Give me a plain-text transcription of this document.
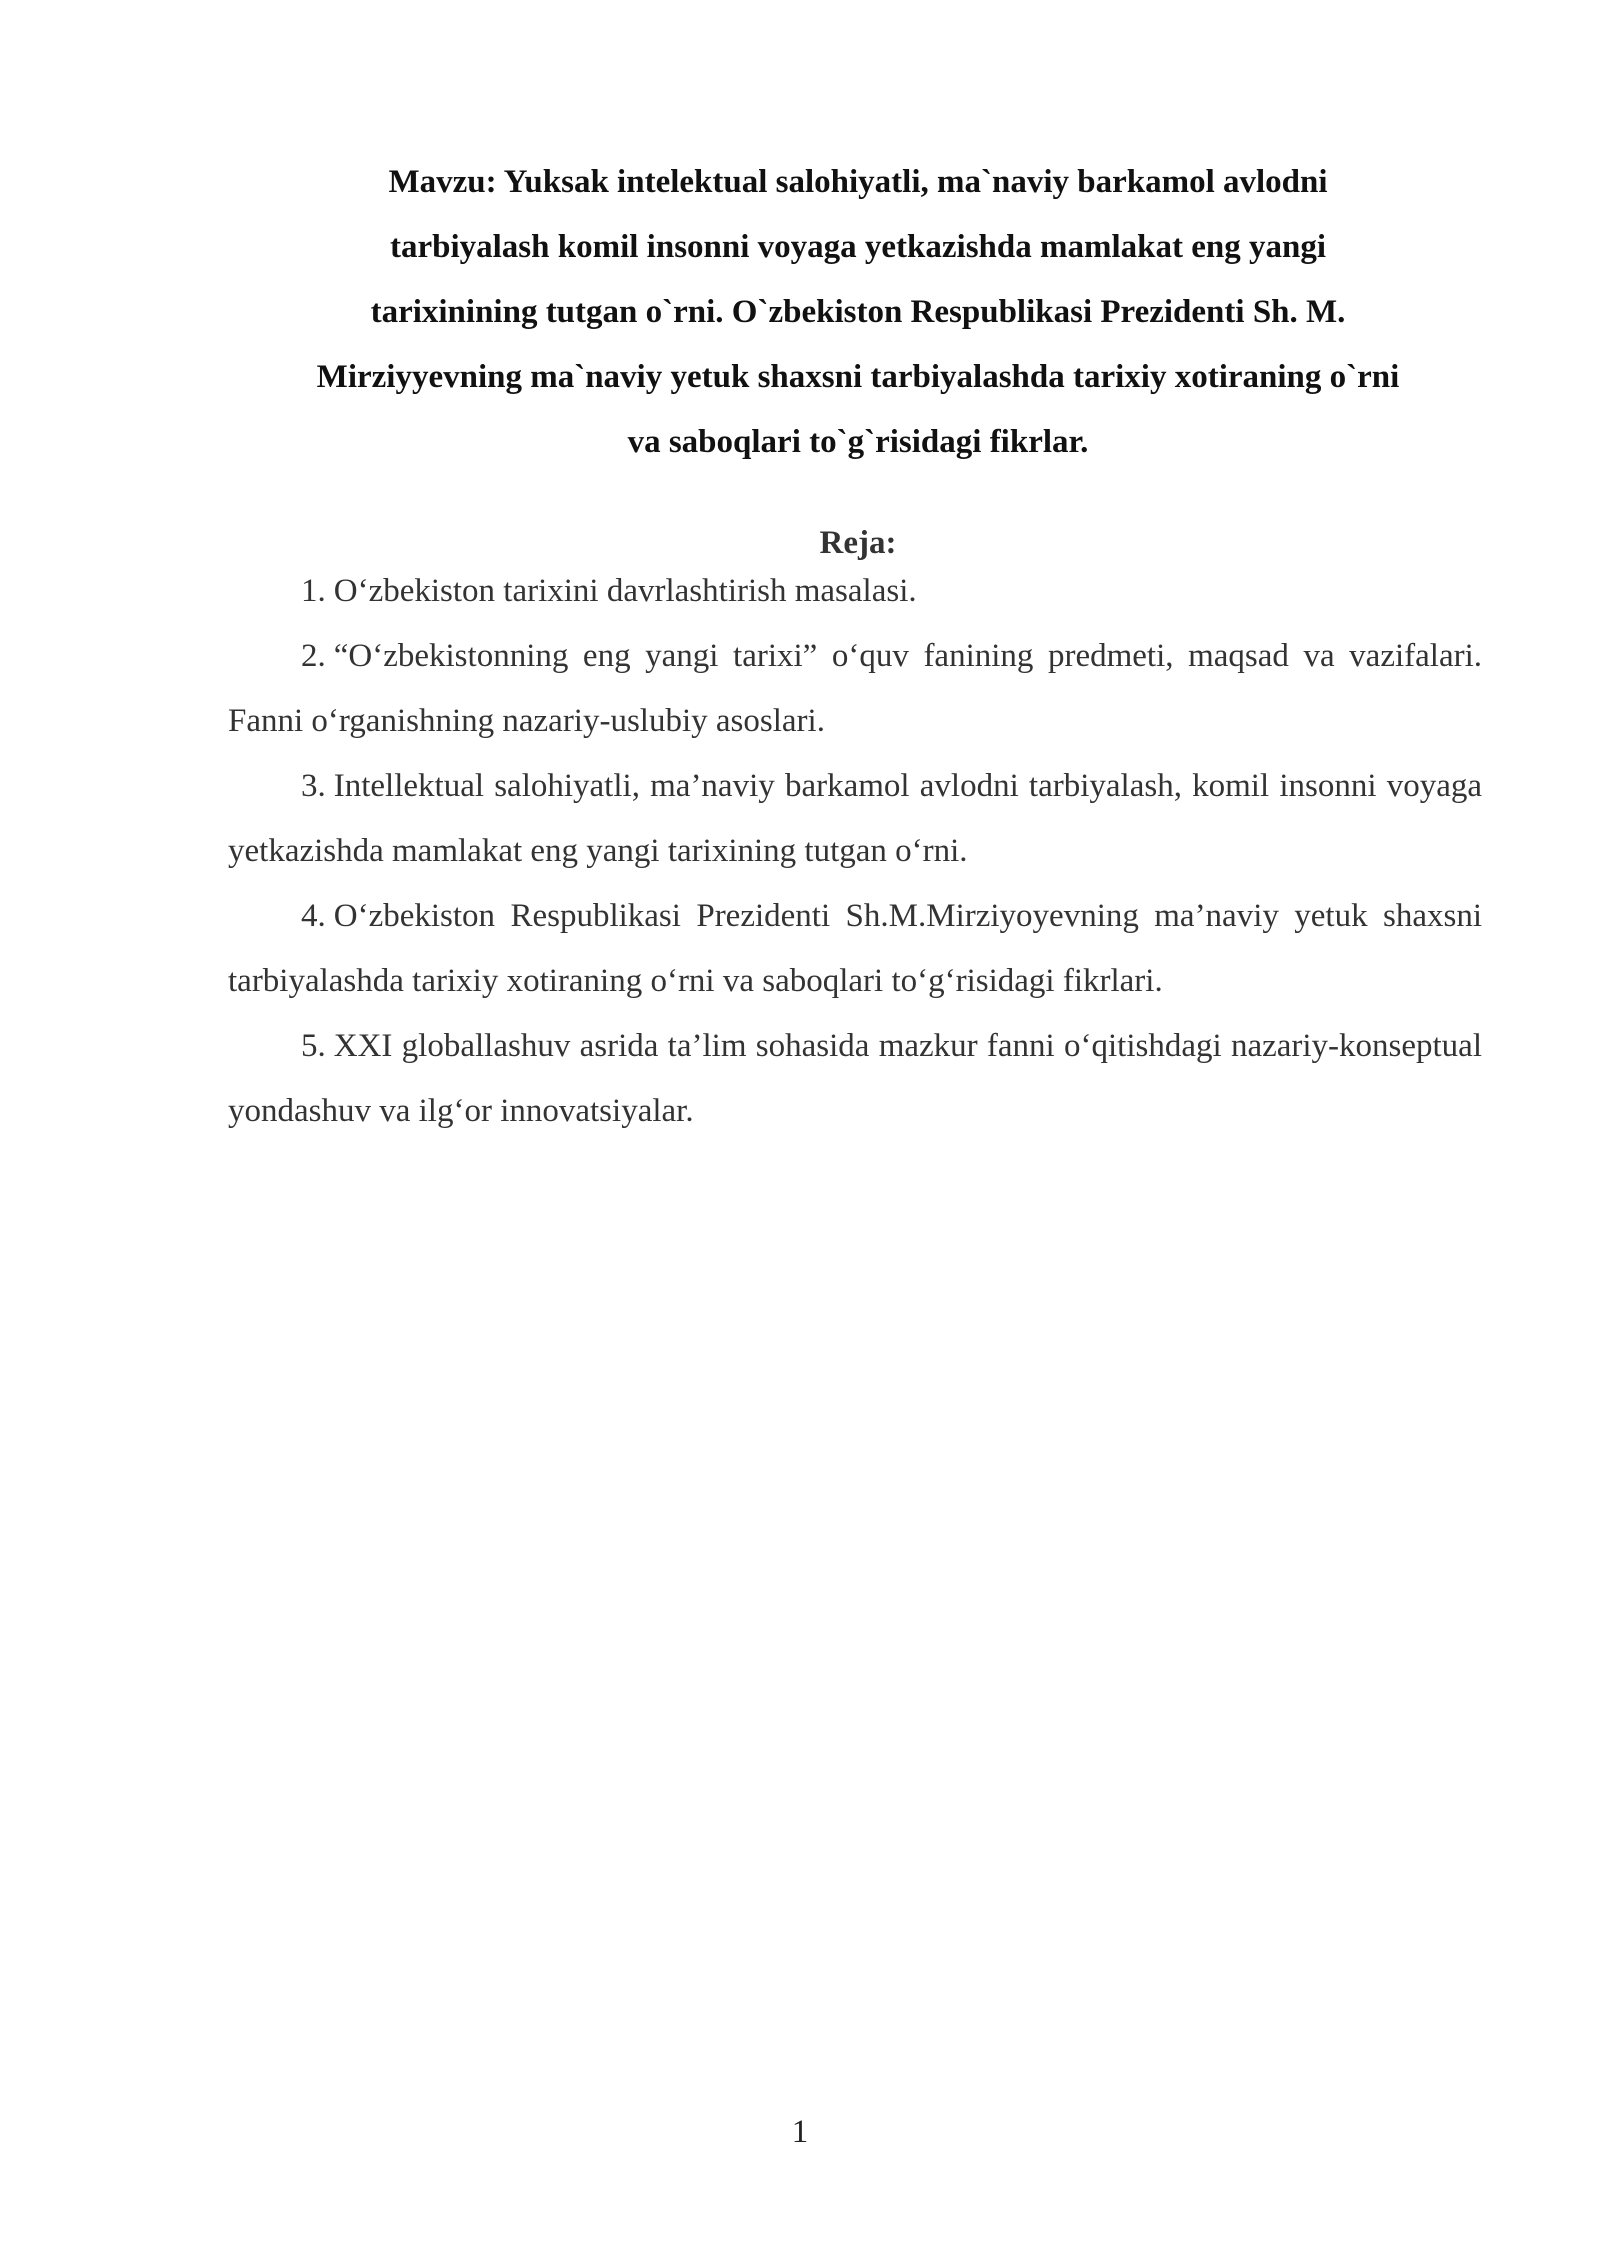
Mavzu: Yuksak intelektual salohiyatli, ma`naviy barkamol avlodni
tarbiyalash komil insonni voyaga yetkazishda mamlakat eng yangi
tarixinining tutgan o`rni. O`zbekiston Respublikasi Prezidenti Sh. M.
Mirziyyevning ma`naviy yetuk shaxsni tarbiyalashda tarixiy xotiraning o`rni
va saboqlari to`g`risidagi fikrlar.
Reja:

1. O‘zbekiston tarixini davrlashtirish masalasi.

2. “O‘zbekistonning eng yangi tarixi” o‘quv fanining predmeti, maqsad va vazifalari. Fanni o‘rganishning nazariy-uslubiy asoslari.

3. Intellektual salohiyatli, ma’naviy barkamol avlodni tarbiyalash, komil insonni voyaga yetkazishda mamlakat eng yangi tarixining tutgan o‘rni.

4. O‘zbekiston Respublikasi Prezidenti Sh.M.Mirziyoyevning ma’naviy yetuk shaxsni tarbiyalashda tarixiy xotiraning o‘rni va saboqlari to‘g‘risidagi fikrlari.

5. XXI globallashuv asrida ta’lim sohasida mazkur fanni o‘qitishdagi nazariy-konseptual yondashuv va ilg‘or innovatsiyalar.

1
